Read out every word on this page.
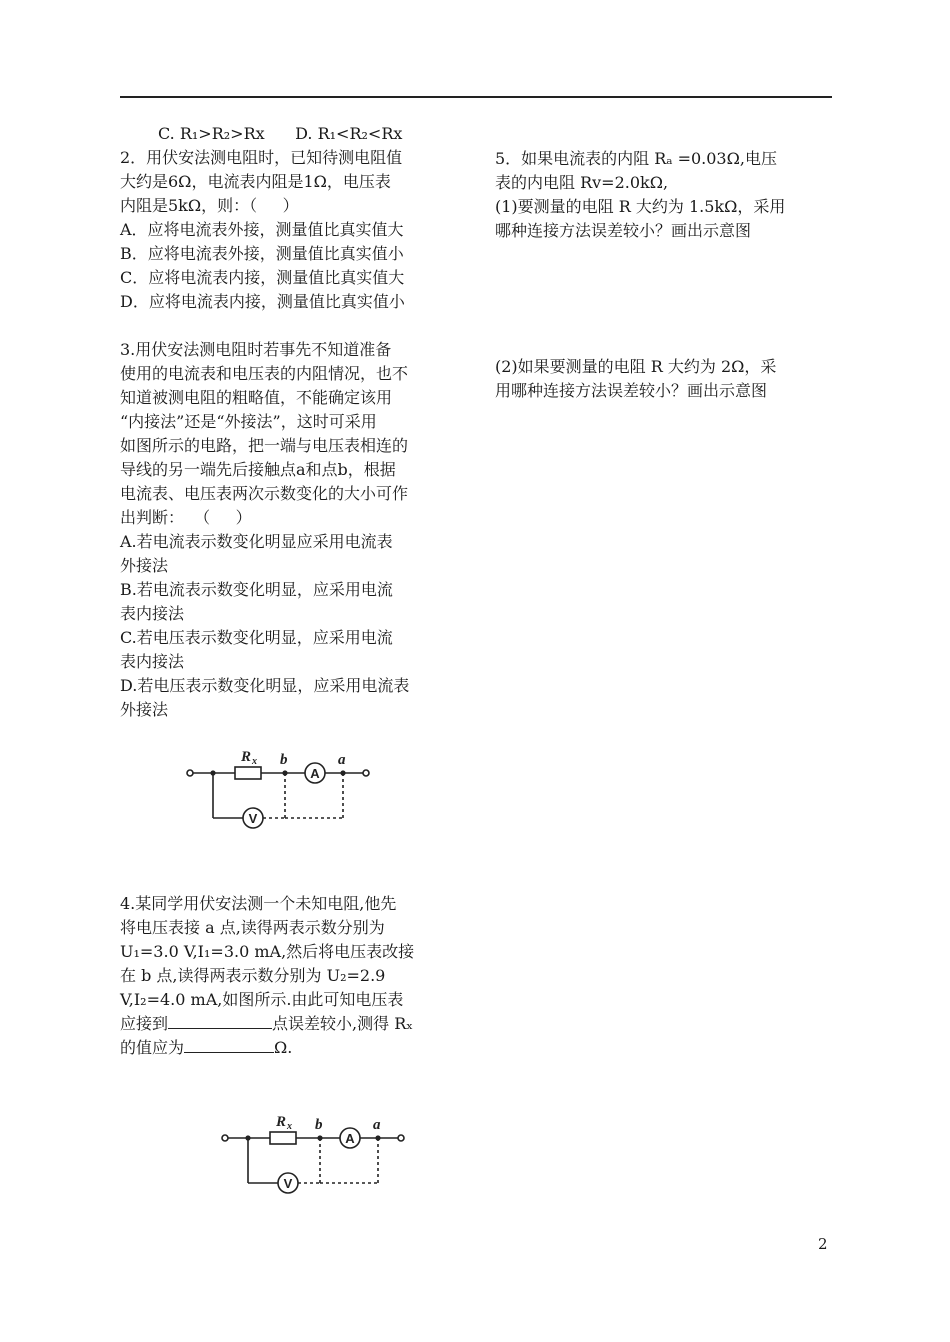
C. R₁>R₂>Rx      D. R₁<R₂<Rx
2．用伏安法测电阻时，已知待测电阻值
大约是6Ω，电流表内阻是1Ω，电压表
内阻是5kΩ，则：（     ）
A．应将电流表外接，测量值比真实值大
B．应将电流表外接，测量值比真实值小
C．应将电流表内接，测量值比真实值大
D．应将电流表内接，测量值比真实值小
3.用伏安法测电阻时若事先不知道准备
使用的电流表和电压表的内阻情况，也不
知道被测电阻的粗略值，不能确定该用
“内接法”还是“外接法”，这时可采用
如图所示的电路，把一端与电压表相连的
导线的另一端先后接触点a和点b，根据
电流表、电压表两次示数变化的大小可作
出判断：  （     ）
A.若电流表示数变化明显应采用电流表
外接法
B.若电流表示数变化明显，应采用电流
表内接法
C.若电压表示数变化明显，应采用电流
表内接法
D.若电压表示数变化明显，应采用电流表
外接法
R x b	a
A
V
4.某同学用伏安法测一个未知电阻,他先
将电压表接 a 点,读得两表示数分别为
U₁=3.0 V,I₁=3.0 mA,然后将电压表改接
在 b 点,读得两表示数分别为 U₂=2.9
V,I₂=4.0 mA,如图所示.由此可知电压表
应接到	点误差较小,测得 Rₓ
的值应为	Ω.
R x b	a
A
V
5．如果电流表的内阻 Rₐ =0.03Ω,电压
表的内电阻 Rv=2.0kΩ,
(1)要测量的电阻 R 大约为 1.5kΩ，采用
哪种连接方法误差较小？画出示意图
(2)如果要测量的电阻 R 大约为 2Ω，采
用哪种连接方法误差较小？画出示意图
2
